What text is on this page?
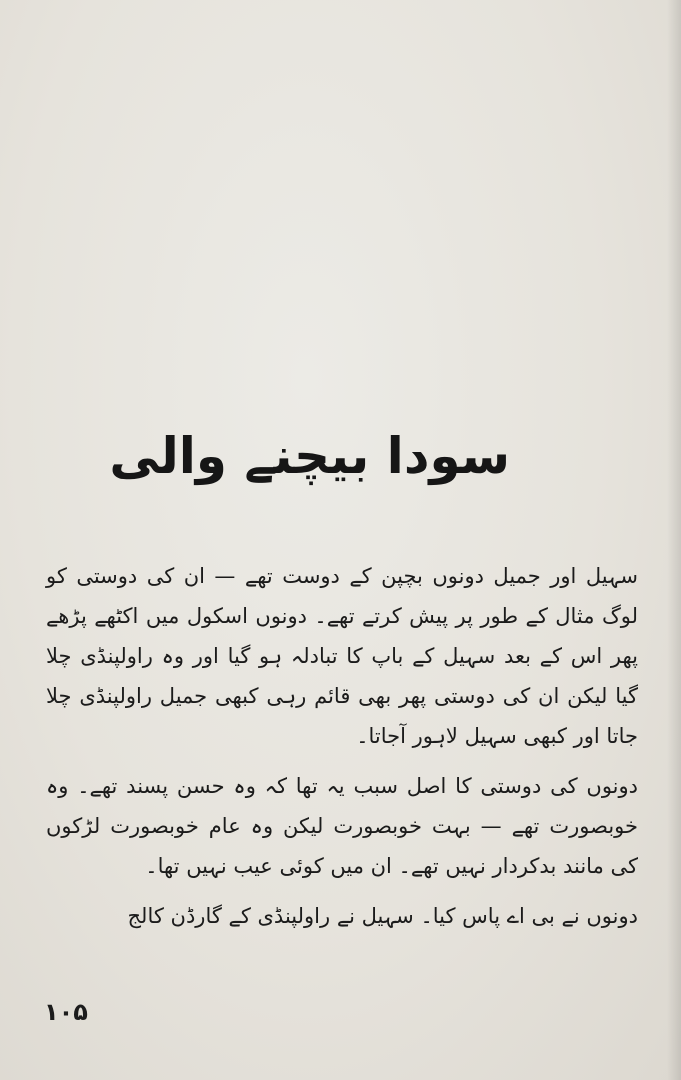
سودا بیچنے والی

سہیل اور جمیل دونوں بچپن کے دوست تھے — ان کی دوستی کو لوگ مثال کے طور پر پیش کرتے تھے۔ دونوں اسکول میں اکٹھے پڑھے پھر اس کے بعد سہیل کے باپ کا تبادلہ ہو گیا اور وہ راولپنڈی چلا گیا لیکن ان کی دوستی پھر بھی قائم رہی کبھی جمیل راولپنڈی چلا جاتا اور کبھی سہیل لاہور آجاتا۔

دونوں کی دوستی کا اصل سبب یہ تھا کہ وہ حسن پسند تھے۔ وہ خوبصورت تھے — بہت خوبصورت لیکن وہ عام خوبصورت لڑکوں کی مانند بدکردار نہیں تھے۔ ان میں کوئی عیب نہیں تھا۔

دونوں نے بی اے پاس کیا۔ سہیل نے راولپنڈی کے گارڈن کالج

۱۰۵
